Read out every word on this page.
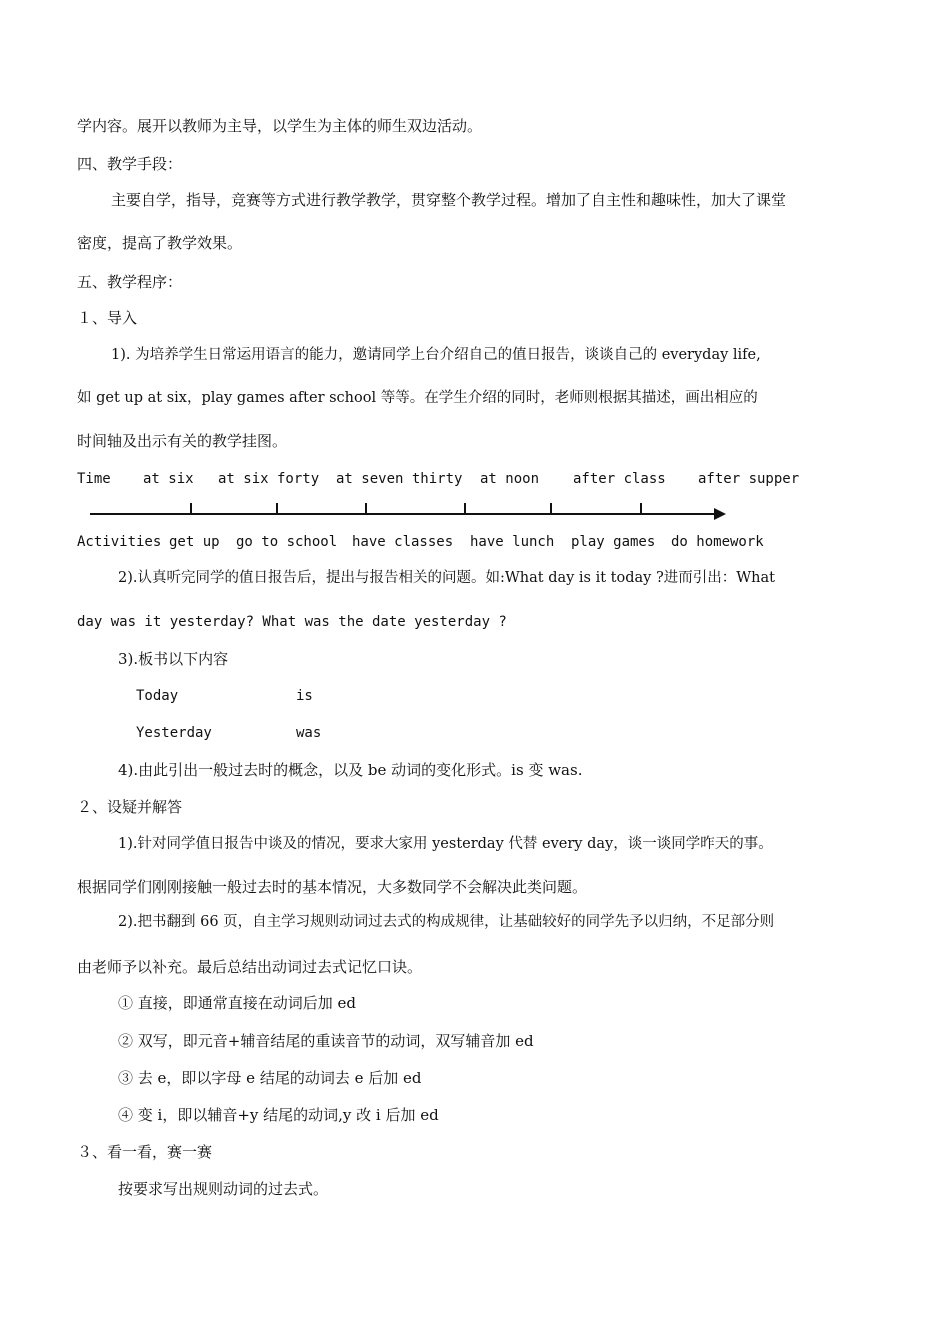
学内容。展开以教师为主导，以学生为主体的师生双边活动。
四、教学手段：
主要自学，指导，竞赛等方式进行教学教学，贯穿整个教学过程。增加了自主性和趣味性，加大了课堂
密度，提高了教学效果。
五、教学程序：
１、导入
1). 为培养学生日常运用语言的能力，邀请同学上台介绍自己的值日报告，谈谈自己的 everyday life,
如 get up at six，play games after school 等等。在学生介绍的同时，老师则根据其描述，画出相应的
时间轴及出示有关的教学挂图。
Time at six at six forty at seven thirty at noon after class after supper
Activities get up go to school have classes have lunch play games do homework
2).认真听完同学的值日报告后，提出与报告相关的问题。如:What day is it today ?进而引出：What
day was it yesterday? What was the date yesterday ?
3).板书以下内容
Today	is
Yesterday	was
4).由此引出一般过去时的概念，以及 be 动词的变化形式。is 变 was.
２、设疑并解答
1).针对同学值日报告中谈及的情况，要求大家用 yesterday 代替 every day，谈一谈同学昨天的事。
根据同学们刚刚接触一般过去时的基本情况，大多数同学不会解决此类问题。
2).把书翻到 66 页，自主学习规则动词过去式的构成规律，让基础较好的同学先予以归纳，不足部分则
由老师予以补充。最后总结出动词过去式记忆口诀。
① 直接，即通常直接在动词后加 ed
② 双写，即元音+辅音结尾的重读音节的动词，双写辅音加 ed
③ 去 e，即以字母 e 结尾的动词去 e 后加 ed
④ 变 i，即以辅音+y 结尾的动词,y 改 i 后加 ed
３、看一看，赛一赛
按要求写出规则动词的过去式。
